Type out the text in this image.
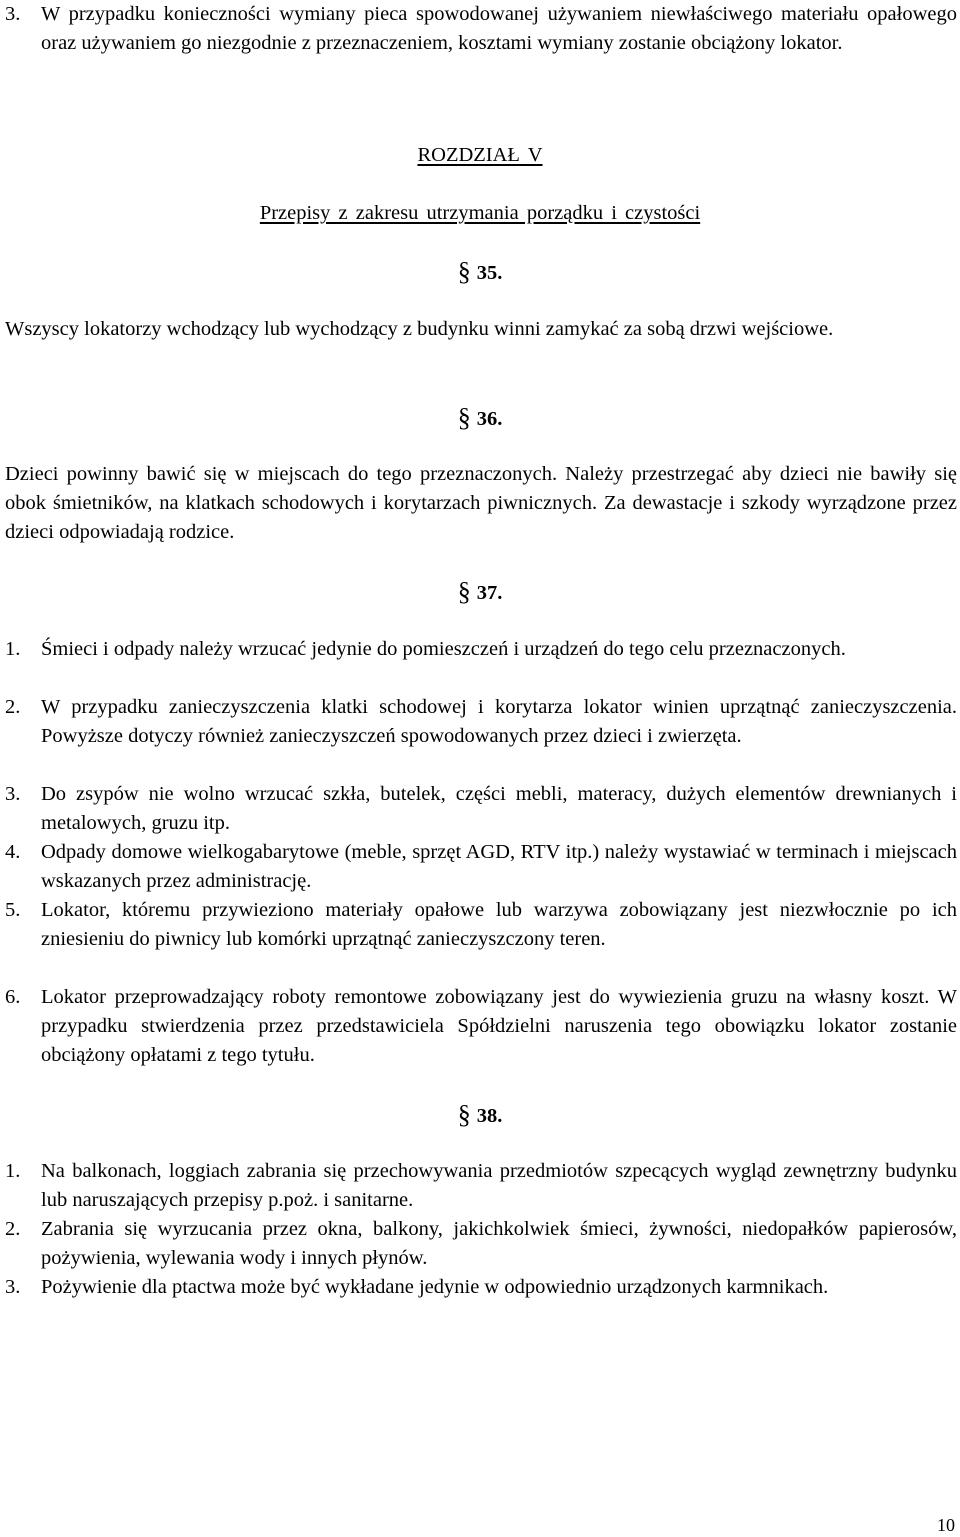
3. W przypadku konieczności wymiany pieca spowodowanej używaniem niewłaściwego materiału opałowego oraz używaniem go niezgodnie z przeznaczeniem, kosztami wymiany zostanie obciążony lokator.
ROZDZIAŁ V
Przepisy z zakresu utrzymania porządku i czystości
§ 35.
Wszyscy lokatorzy wchodzący lub wychodzący z budynku winni zamykać za sobą drzwi wejściowe.
§ 36.
Dzieci powinny bawić się w miejscach do tego przeznaczonych. Należy przestrzegać aby dzieci nie bawiły się obok śmietników, na klatkach schodowych i korytarzach piwnicznych. Za dewastacje i szkody wyrządzone przez dzieci odpowiadają rodzice.
§ 37.
1. Śmieci i odpady należy wrzucać jedynie do pomieszczeń i urządzeń do tego celu przeznaczonych.
2. W przypadku zanieczyszczenia klatki schodowej i korytarza lokator winien uprzątnąć zanieczyszczenia. Powyższe dotyczy również zanieczyszczeń spowodowanych przez dzieci i zwierzęta.
3. Do zsypów nie wolno wrzucać szkła, butelek, części mebli, materacy, dużych elementów drewnianych i metalowych, gruzu itp.
4. Odpady domowe wielkogabarytowe (meble, sprzęt AGD, RTV itp.) należy wystawiać w terminach i miejscach wskazanych przez administrację.
5. Lokator, któremu przywieziono materiały opałowe lub warzywa zobowiązany jest niezwłocznie po ich zniesieniu do piwnicy lub komórki uprzątnąć zanieczyszczony teren.
6. Lokator przeprowadzający roboty remontowe zobowiązany jest do wywiezienia gruzu na własny koszt. W przypadku stwierdzenia przez przedstawiciela Spółdzielni naruszenia tego obowiązku lokator zostanie obciążony opłatami z tego tytułu.
§ 38.
1. Na balkonach, loggiach zabrania się przechowywania przedmiotów szpecących wygląd zewnętrzny budynku lub naruszających przepisy p.poż. i sanitarne.
2. Zabrania się wyrzucania przez okna, balkony, jakichkolwiek śmieci, żywności, niedopałków papierosów, pożywienia, wylewania wody i innych płynów.
3. Pożywienie dla ptactwa może być wykładane jedynie w odpowiednio urządzonych karmnikach.
10
